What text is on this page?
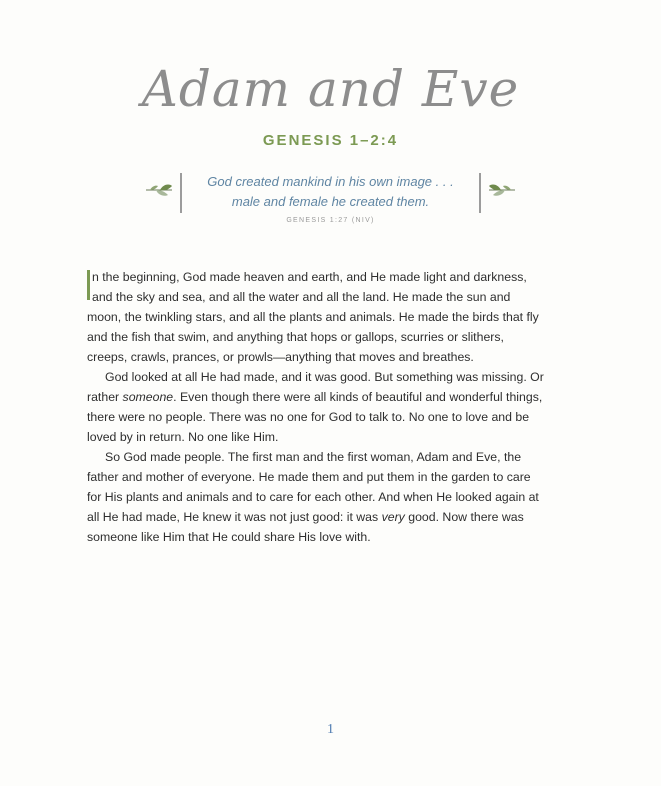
Adam and Eve
GENESIS 1–2:4
God created mankind in his own image . . .
male and female he created them.
GENESIS 1:27 (NIV)

n the beginning, God made heaven and earth, and He made light and darkness, and the sky and sea, and all the water and all the land. He made the sun and moon, the twinkling stars, and all the plants and animals. He made the birds that fly and the fish that swim, and anything that hops or gallops, scurries or slithers, creeps, crawls, prances, or prowls—anything that moves and breathes.

God looked at all He had made, and it was good. But something was missing. Or rather someone. Even though there were all kinds of beautiful and wonderful things, there were no people. There was no one for God to talk to. No one to love and be loved by in return. No one like Him.

So God made people. The first man and the first woman, Adam and Eve, the father and mother of everyone. He made them and put them in the garden to care for His plants and animals and to care for each other. And when He looked again at all He had made, He knew it was not just good: it was very good. Now there was someone like Him that He could share His love with.

1
